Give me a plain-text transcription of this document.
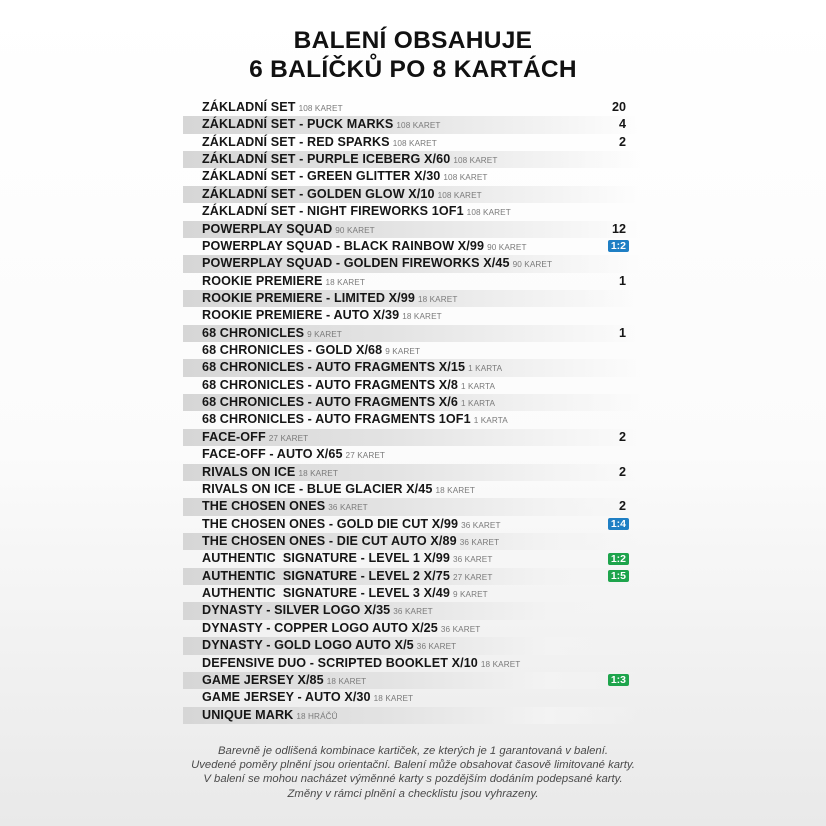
BALENÍ OBSAHUJE
6 BALÍČKŮ PO 8 KARTÁCH
ZÁKLADNÍ SET 108 KARET	20
ZÁKLADNÍ SET - PUCK MARKS 108 KARET	4
ZÁKLADNÍ SET - RED SPARKS 108 KARET	2
ZÁKLADNÍ SET - PURPLE ICEBERG X/60 108 KARET
ZÁKLADNÍ SET - GREEN GLITTER X/30 108 KARET
ZÁKLADNÍ SET - GOLDEN GLOW X/10 108 KARET
ZÁKLADNÍ SET - NIGHT FIREWORKS 1OF1 108 KARET
POWERPLAY SQUAD 90 KARET	12
POWERPLAY SQUAD - BLACK RAINBOW X/99 90 KARET	1:2
POWERPLAY SQUAD - GOLDEN FIREWORKS X/45 90 KARET
ROOKIE PREMIERE 18 KARET	1
ROOKIE PREMIERE - LIMITED X/99 18 KARET
ROOKIE PREMIERE - AUTO X/39 18 KARET
68 CHRONICLES 9 KARET	1
68 CHRONICLES - GOLD X/68 9 KARET
68 CHRONICLES - AUTO FRAGMENTS X/15 1 KARTA
68 CHRONICLES - AUTO FRAGMENTS X/8 1 KARTA
68 CHRONICLES - AUTO FRAGMENTS X/6 1 KARTA
68 CHRONICLES - AUTO FRAGMENTS 1OF1 1 KARTA
FACE-OFF 27 KARET	2
FACE-OFF - AUTO X/65 27 KARET
RIVALS ON ICE 18 KARET	2
RIVALS ON ICE - BLUE GLACIER X/45 18 KARET
THE CHOSEN ONES 36 KARET	2
THE CHOSEN ONES - GOLD DIE CUT X/99 36 KARET	1:4
THE CHOSEN ONES - DIE CUT AUTO X/89 36 KARET
AUTHENTIC  SIGNATURE - LEVEL 1 X/99 36 KARET	1:2
AUTHENTIC  SIGNATURE - LEVEL 2 X/75 27 KARET	1:5
AUTHENTIC  SIGNATURE - LEVEL 3 X/49 9 KARET
DYNASTY - SILVER LOGO X/35 36 KARET
DYNASTY - COPPER LOGO AUTO X/25 36 KARET
DYNASTY - GOLD LOGO AUTO X/5 36 KARET
DEFENSIVE DUO - SCRIPTED BOOKLET X/10 18 KARET
GAME JERSEY X/85 18 KARET	1:3
GAME JERSEY - AUTO X/30 18 KARET
UNIQUE MARK 18 HRÁČŮ
Barevně je odlišená kombinace kartiček, ze kterých je 1 garantovaná v balení.
Uvedené poměry plnění jsou orientační. Balení může obsahovat časově limitované karty.
V balení se mohou nacházet výměnné karty s pozdějším dodáním podepsané karty.
Změny v rámci plnění a checklistu jsou vyhrazeny.
